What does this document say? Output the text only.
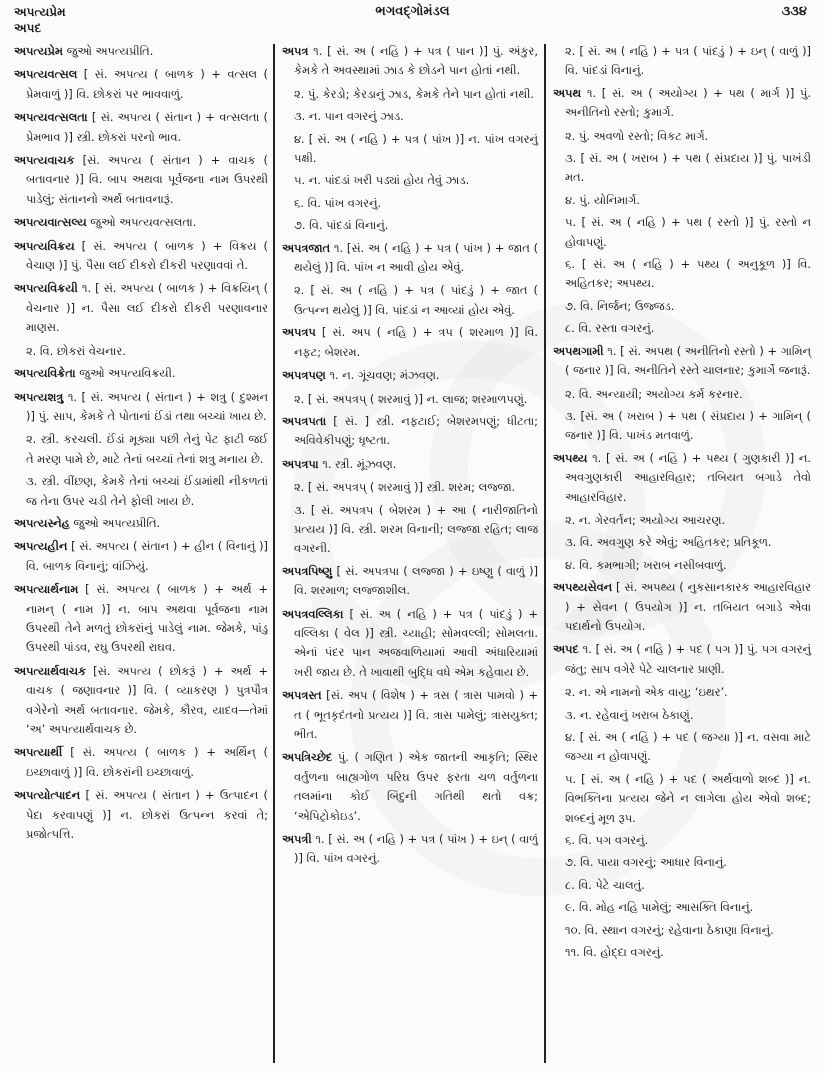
અપત્યપ્રેમ
અપદ
ભગવદ્ગોમંડલ	૩૩૪
અપત્યપ્રેમ જુઓ અપત્યપ્રીતિ.
અપત્યવત્સલ [ સં. અપત્ય ( બાળક ) + વત્સલ ( પ્રેમવાળું )] વિ. છોકરાં પર ભાવવાળું.
અપત્યવત્સલતા [ સં. અપત્ય ( સંતાન ) + વત્સલતા ( પ્રેમભાવ )] સ્ત્રી. છોકરાં પરનો ભાવ.
અપત્યવાચક [સં. અપત્ય ( સંતાન ) + વાચક ( બતાવનાર )] વિ. બાપ અથવા પૂર્વજના નામ ઉપરથી પાડેલું; સંતાનનો અર્થ બતાવનારૂં.
અપત્યવાત્સલ્ય જુઓ અપત્યવત્સલતા.
અપત્યવિક્રય [ સં. અપત્ય ( બાળક ) + વિક્રય ( વેચાણ )] પું. પૈસા લઈ દીકરો દીકરી પરણાવવાં તે.
અપત્યવિક્રયી ૧. [ સં. અપત્ય ( બાળક ) + વિક્રયિન્ ( વેચનાર )] ન. પૈસા લઈ દીકરો દીકરી પરણાવનાર માણસ.
૨. વિ. છોકરાં વેચનાર.
અપત્યવિક્રેતા જુઓ અપત્યવિક્રયી.
અપત્યશત્રુ ૧. [ સં. અપત્ય ( સંતાન ) + શત્રુ ( દુશ્મન )] પું. સાપ, કેમકે તે પોતાનાં ઈંડાં તથા બચ્ચાં ખાય છે.
૨. સ્ત્રી. કરચલી. ઈંડાં મૂક્યા પછી તેનું પેટ ફાટી જઈ તે મરણ પામે છે, માટે તેનાં બચ્ચાં તેનાં શત્રુ મનાય છે.
૩. સ્ત્રી. વીંછણ, કેમકે તેનાં બચ્ચાં ઈંડામાંથી નીકળતાં જ તેના ઉપર ચડી તેને ફોલી ખાય છે.
અપત્યસ્નેહ જુઓ અપત્યપ્રીતિ.
અપત્યહીન [ સં. અપત્ય ( સંતાન ) + હીન ( વિનાનું )] વિ. બાળક વિનાનું; વાંઝિયું.
અપત્યાર્થનામ [ સં. અપત્ય ( બાળક ) + અર્થ + નામન્ ( નામ )] ન. બાપ અથવા પૂર્વજના નામ ઉપરથી તેને મળતું છોકરાંનું પાડેલું નામ. જેમકે, પાંડુ ઉપરથી પાંડવ, રઘુ ઉપરથી રાઘવ.
અપત્યાર્થવાચક [સં. અપત્ય ( છોકરૂં ) + અર્થ + વાચક ( જણાવનાર )] વિ. ( વ્યાકરણ ) પુત્રપૌત્ર વગેરેનો અર્થ બતાવનાર. જેમકે, કૌરવ, યાદવ—તેમાં ‘અ’ અપત્યાર્થવાચક છે.
અપત્યાર્થી [ સં. અપત્ય ( બાળક ) + અર્થિન્ ( ઇચ્છાવાળું )] વિ. છોકરાંની ઇચ્છાવાળું.
અપત્યોત્પાદન [ સં. અપત્ય ( સંતાન ) + ઉત્પાદન ( પેદા કરવાપણું )] ન. છોકરાં ઉત્પન્ન કરવાં તે; પ્રજોત્પત્તિ.
અપત્ર ૧. [ સં. અ ( નહિ ) + પત્ર ( પાન )] પું. અંકુર, કેમકે તે અવસ્થામાં ઝાડ કે છોડને પાન હોતાં નથી.
૨. પું. કેરડો; કેરડાનું ઝાડ, કેમકે તેને પાન હોતાં નથી.
૩. ન. પાન વગરનું ઝાડ.
૪. [ સં. અ ( નહિ ) + પત્ર ( પાંખ )] ન. પાંખ વગરનું પક્ષી.
૫. ન. પાંદડાં ખરી પડ્યાં હોય તેવું ઝાડ.
૬. વિ. પાંખ વગરનું.
૭. વિ. પાંદડાં વિનાનું.
અપત્રજાત ૧. [સં. અ ( નહિ ) + પત્ર ( પાંખ ) + જાત ( થયેલું )] વિ. પાંખ ન આવી હોય એવું.
૨. [ સં. અ ( નહિ ) + પત્ર ( પાંદડું ) + જાત ( ઉત્પન્ન થયેલું )] વિ. પાંદડાં ન આવ્યાં હોય એવું.
અપત્રપ [ સં. અપ ( નહિ ) + ત્રપ ( શરમાળ )] વિ. નફટ; બેશરમ.
અપત્રપણ ૧. ન. ગૂંચવણ; મંઝવણ.
૨. [ સં. અપત્રપ્ ( શરમાવું )] ન. લાજ; શરમાળપણું.
અપત્રપતા [ સં. ] સ્ત્રી. નફટાઈ; બેશરમપણું; ધીટતા; અવિવેકીપણું; ધૃષ્ટતા.
અપત્રપા ૧. સ્ત્રી. મૂંઝવણ.
૨. [ સં. અપત્રપ્ ( શરમાવું )] સ્ત્રી. શરમ; લજ્જા.
૩. [ સં. અપત્રપ ( બેશરમ ) + આ ( નારીજાતિનો પ્રત્યય )] વિ. સ્ત્રી. શરમ વિનાની; લજ્જા રહિત; લાજ વગરની.
અપત્રપિષ્ણુ [ સં. અપત્રપા ( લજ્જા ) + ઇષ્ણુ ( વાળું )] વિ. શરમાળ; લજ્જાશીલ.
અપત્રવલ્લિકા [ સં. અ ( નહિ ) + પત્ર ( પાંદડું ) + વલ્લિકા ( વેલ )] સ્ત્રી. ચ્યાહી; સોમવલ્લી; સોમલતા. એનાં પંદર પાન અજવાળિયામાં આવી અંધારિયામાં ખરી જાય છે. તે ખાવાથી બુદ્ધિ વધે એમ કહેવાય છે.
અપત્રસ્ત [સં. અપ ( વિશેષ ) + ત્રસ ( ત્રાસ પામવો ) + ત ( ભૂતકૃદંતનો પ્રત્યય )] વિ. ત્રાસ પામેલું; ત્રાસયુક્ત; ભીત.
અપત્રિચ્છેદ પું. ( ગણિત ) એક જાતની આકૃતિ; સ્થિર વર્તુળના બાહ્યગોળ પરિઘ ઉપર ફરતા ચળ વર્તુળના તલમાંના કોઈ બિંદુની ગતિથી થતો વક્ર; ‘એપિટ્રોકોઇડ’.
અપત્રી ૧. [ સં. અ ( નહિ ) + પત્ર ( પાંખ ) + ઇન્ ( વાળું )] વિ. પાંખ વગરનું.
૨. [ સં. અ ( નહિ ) + પત્ર ( પાંદડું ) + ઇન્ ( વાળું )] વિ. પાંદડાં વિનાનું.
અપથ ૧. [ સં. અ ( અયોગ્ય ) + પથ ( માર્ગ )] પું. અનીતિનો રસ્તો; કુમાર્ગ.
૨. પું. અવળો રસ્તો; વિકટ માર્ગ.
૩. [ સં. અ ( ખરાબ ) + પથ ( સંપ્રદાય )] પું. પાખંડી મત.
૪. પું. યોનિમાર્ગ.
૫. [ સં. અ ( નહિ ) + પથ ( રસ્તો )] પું. રસ્તો ન હોવાપણું.
૬. [ સં. અ ( નહિ ) + પથ્ય ( અનુકૂળ )] વિ. અહિતકર; અપથ્ય.
૭. વિ. નિર્જન; ઉજ્જડ.
૮. વિ. રસ્તા વગરનું.
અપથગામી ૧. [ સં. અપથ ( અનીતિનો રસ્તો ) + ગામિન્ ( જનાર )] વિ. અનીતિને રસ્તે ચાલનાર; કુમાર્ગે જનારૂં.
૨. વિ. અન્યાયી; અયોગ્ય કર્મ કરનાર.
૩. [સં. અ ( ખરાબ ) + પથ ( સંપ્રદાય ) + ગામિન્ ( જનાર )] વિ. પાખંડ મતવાળું.
અપથ્ય ૧. [ સં. અ ( નહિ ) + પથ્ય ( ગુણકારી )] ન. અવગુણકારી આહારવિહાર; તબિયત બગાડે તેવો આહારવિહાર.
૨. ન. ગેરવર્તન; અયોગ્ય આચરણ.
૩. વિ. અવગુણ કરે એવું; અહિતકર; પ્રતિકૂળ.
૪. વિ. કમભાગી; ખરાબ નસીબવાળું.
અપથ્યસેવન [ સં. અપથ્ય ( નુકસાનકારક આહારવિહાર ) + સેવન ( ઉપયોગ )] ન. તબિયત બગાડે એવા પદાર્થનો ઉપયોગ.
અપદ ૧. [ સં. અ ( નહિ ) + પદ ( પગ )] પું. પગ વગરનું જંતુ; સાપ વગેરે પેટે ચાલનાર પ્રાણી.
૨. ન. એ નામનો એક વાયુ; ‘ઇથર’.
૩. ન. રહેવાનું ખરાબ ઠેકાણું.
૪. [ સં. અ ( નહિ ) + પદ ( જગ્યા )] ન. વસવા માટે જગ્યા ન હોવાપણું.
૫. [ સં. અ ( નહિ ) + પદ ( અર્થવાળો શબ્દ )] ન. વિભક્તિના પ્રત્યય જેને ન લાગેલા હોય એવો શબ્દ; શબ્દનું મૂળ રૂપ.
૬. વિ. પગ વગરનું.
૭. વિ. પાયા વગરનું; આધાર વિનાનું.
૮. વિ. પેટે ચાલતું.
૯. વિ. મોહ નહિ પામેલું; આસક્તિ વિનાનું.
૧૦. વિ. સ્થાન વગરનું; રહેવાના ઠેકાણા વિનાનું.
૧૧. વિ. હોદ્દા વગરનું.
